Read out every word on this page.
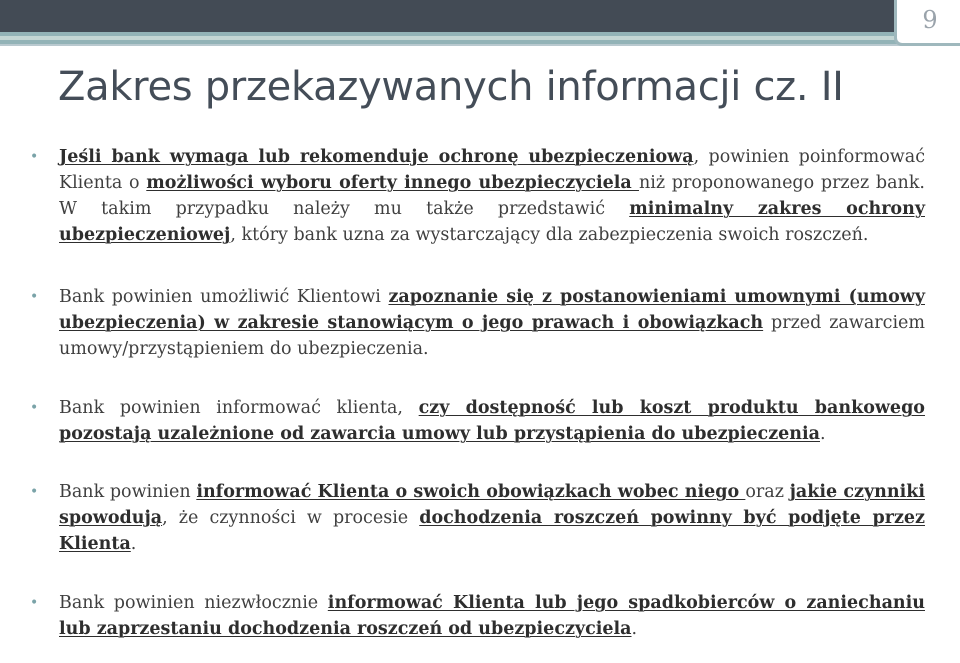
9
Zakres przekazywanych informacji cz. II

• Jeśli bank wymaga lub rekomenduje ochronę ubezpieczeniową, powinien poinformować Klienta o możliwości wyboru oferty innego ubezpieczyciela niż proponowanego przez bank. W takim przypadku należy mu także przedstawić minimalny zakres ochrony ubezpieczeniowej, który bank uzna za wystarczający dla zabezpieczenia swoich roszczeń.

• Bank powinien umożliwić Klientowi zapoznanie się z postanowieniami umownymi (umowy ubezpieczenia) w zakresie stanowiącym o jego prawach i obowiązkach przed zawarciem umowy/przystąpieniem do ubezpieczenia.

• Bank powinien informować klienta, czy dostępność lub koszt produktu bankowego pozostają uzależnione od zawarcia umowy lub przystąpienia do ubezpieczenia.

• Bank powinien informować Klienta o swoich obowiązkach wobec niego oraz jakie czynniki spowodują, że czynności w procesie dochodzenia roszczeń powinny być podjęte przez Klienta.

• Bank powinien niezwłocznie informować Klienta lub jego spadkobierców o zaniechaniu lub zaprzestaniu dochodzenia roszczeń od ubezpieczyciela.
